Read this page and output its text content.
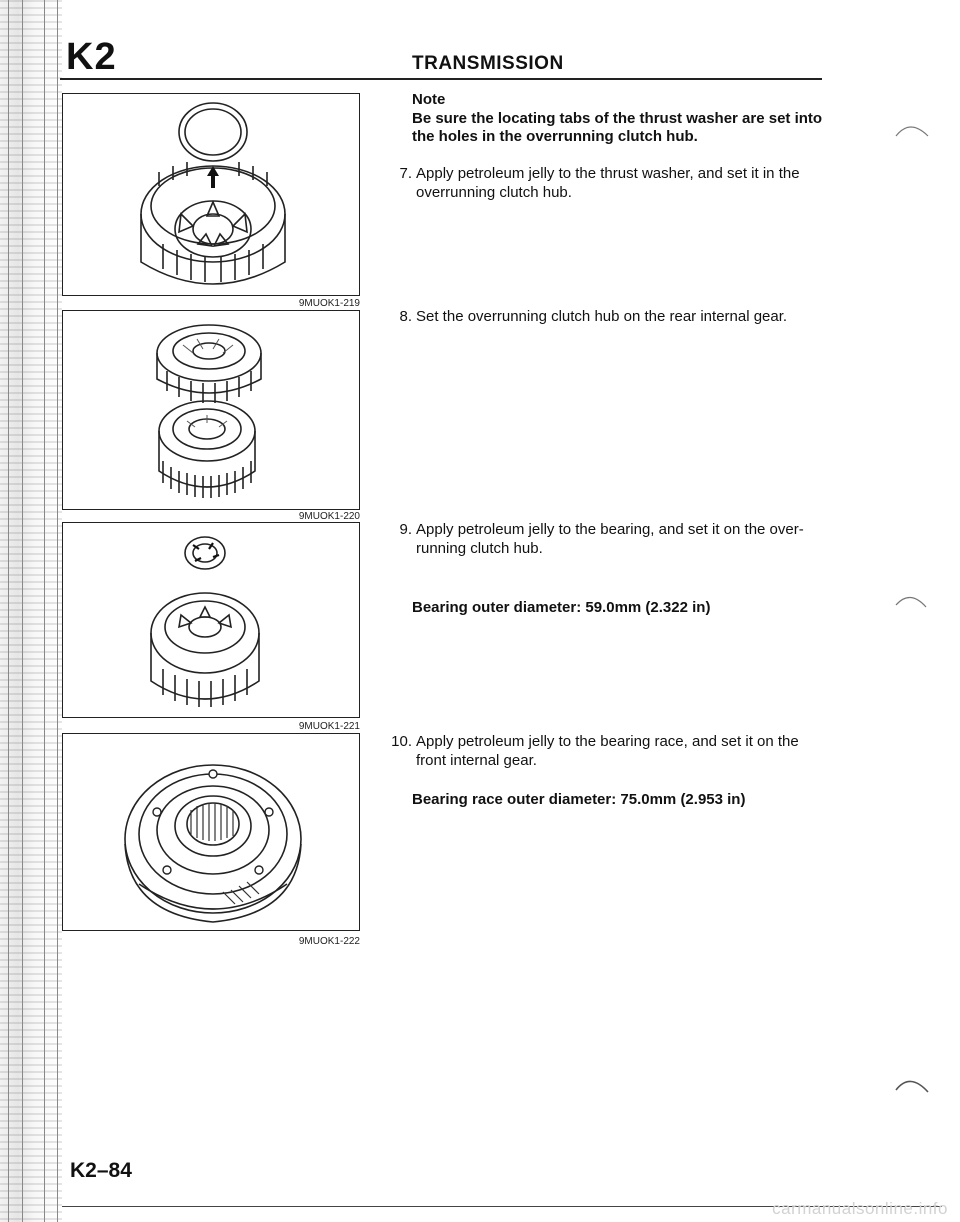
K2	TRANSMISSION
9MUOK1-219
9MUOK1-220
9MUOK1-221
9MUOK1-222
Note
Be sure the locating tabs of the thrust washer are set into the holes in the overrunning clutch hub.
7. Apply petroleum jelly to the thrust washer, and set it in the overrunning clutch hub.
8. Set the overrunning clutch hub on the rear internal gear.
9. Apply petroleum jelly to the bearing, and set it on the over-running clutch hub.
Bearing outer diameter: 59.0mm (2.322 in)
10. Apply petroleum jelly to the bearing race, and set it on the front internal gear.
Bearing race outer diameter: 75.0mm (2.953 in)
K2–84
carmanualsonline.info
